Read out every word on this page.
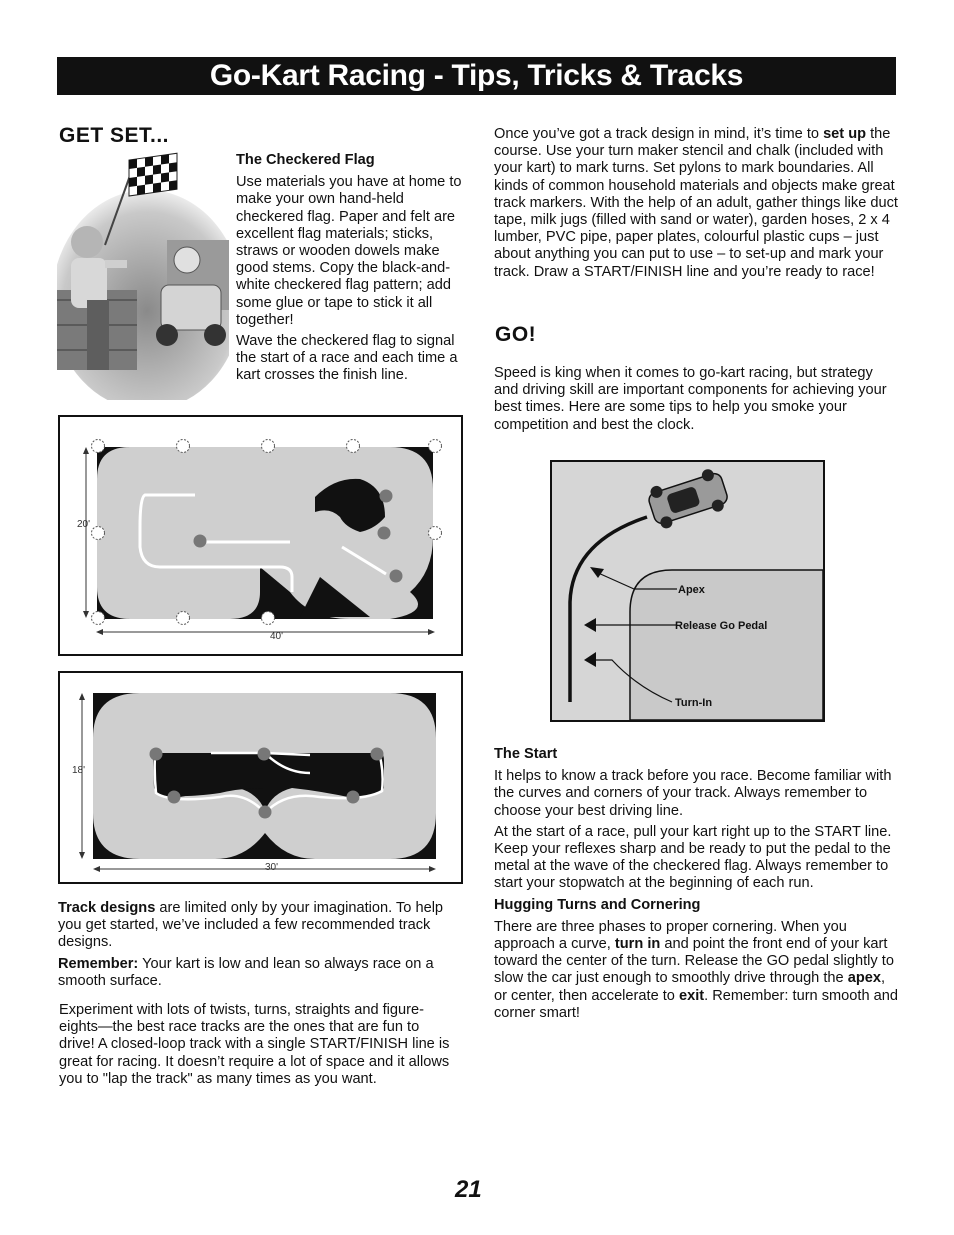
Go-Kart Racing - Tips, Tricks & Tracks
GET SET...
The Checkered Flag

Use materials you have at home to make your own hand-held checkered flag. Paper and felt are excellent flag materials; sticks, straws or wooden dowels make good stems. Copy the black-and-white checkered flag pattern; add some glue or tape to stick it all together!

Wave the checkered flag to signal the start of a race and each time a kart crosses the finish line.

20'
40'
18'
30'

Track designs are limited only by your imagination. To help you get started, we’ve included a few recommended track designs.

Remember: Your kart is low and lean so always race on a smooth surface.

Experiment with lots of twists, turns, straights and figure-eights—the best race tracks are the ones that are fun to drive! A closed-loop track with a single START/FINISH line is great for racing. It doesn’t require a lot of space and it allows you to "lap the track" as many times as you want.

Once you’ve got a track design in mind, it’s time to set up the course. Use your turn maker stencil and chalk (included with your kart) to mark turns. Set pylons to mark boundaries. All kinds of common household materials and objects make great track markers. With the help of an adult, gather things like duct tape, milk jugs (filled with sand or water), garden hoses, 2 x 4 lumber, PVC pipe, paper plates, colourful plastic cups – just about anything you can put to use – to set-up and mark your track. Draw a START/FINISH line and you’re ready to race!

GO!

Speed is king when it comes to go-kart racing, but strategy and driving skill are important components for achieving your best times. Here are some tips to help you smoke your competition and best the clock.

Apex
Release Go Pedal
Turn-In
The Start

It helps to know a track before you race. Become familiar with the curves and corners of your track. Always remember to choose your best driving line.

At the start of a race, pull your kart right up to the START line. Keep your reflexes sharp and be ready to put the pedal to the metal at the wave of the checkered flag. Always remember to start your stopwatch at the beginning of each run.

Hugging Turns and Cornering

There are three phases to proper cornering. When you approach a curve, turn in and point the front end of your kart toward the center of the turn. Release the GO pedal slightly to slow the car just enough to smoothly drive through the apex, or center, then accelerate to exit. Remember: turn smooth and corner smart!

21
